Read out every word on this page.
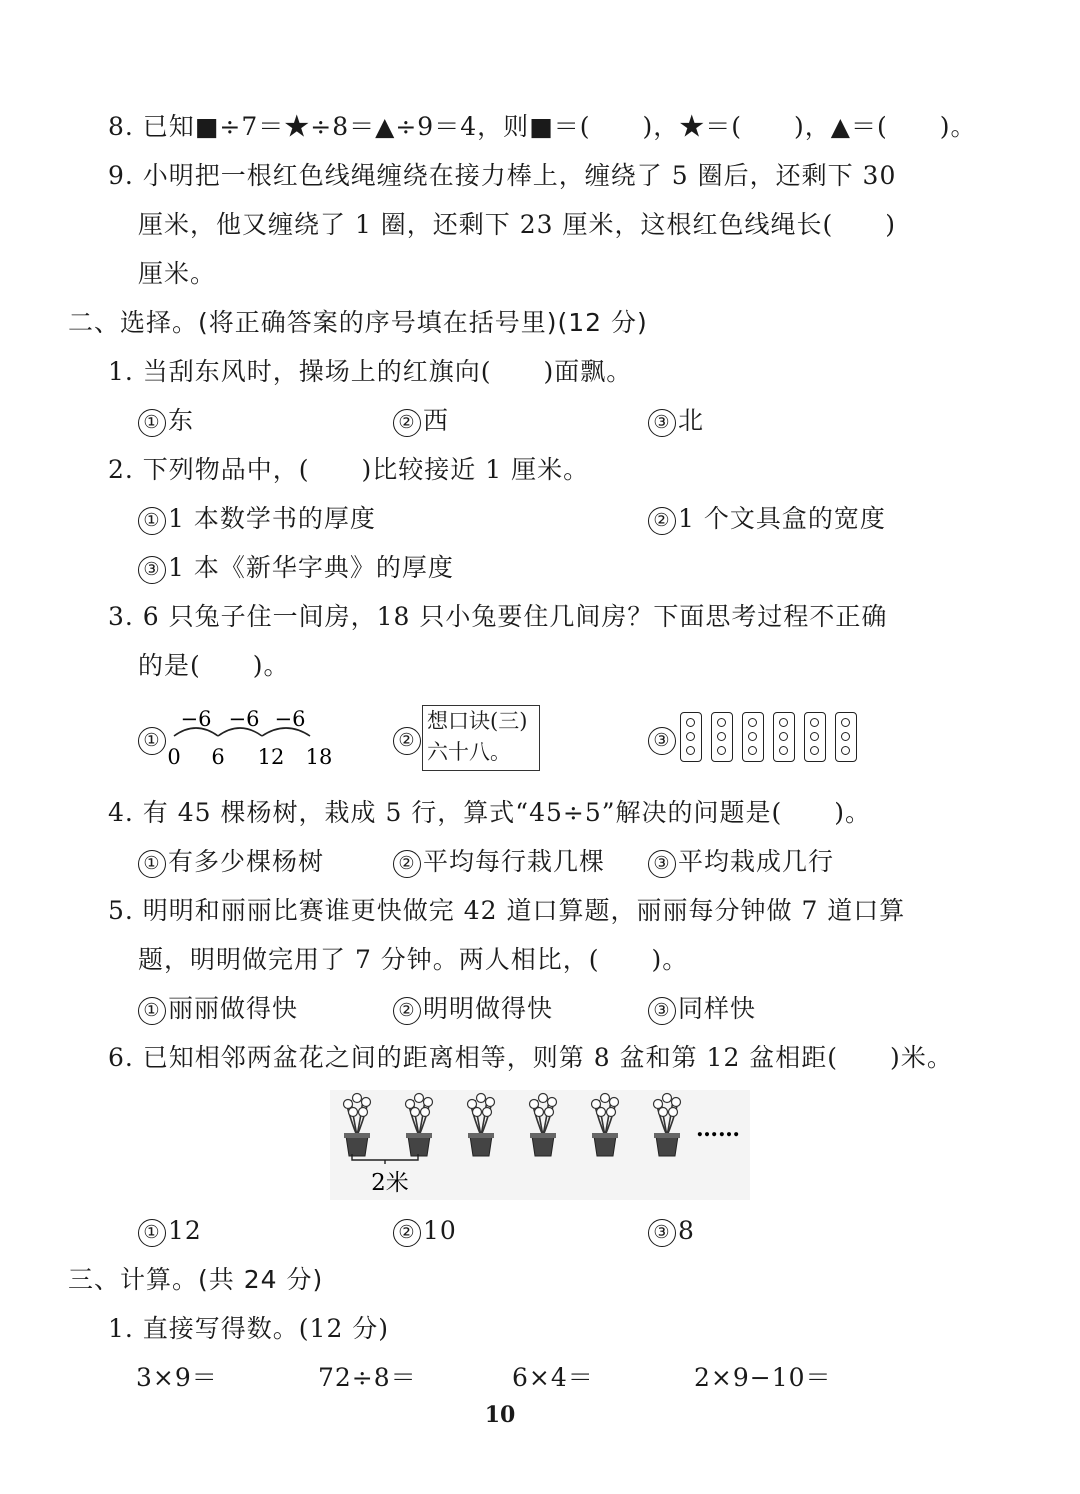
8. 已知■÷7＝★÷8＝▲÷9＝4，则■＝(　　)，★＝(　　)，▲＝(　　)。
9. 小明把一根红色线绳缠绕在接力棒上，缠绕了 5 圈后，还剩下 30
厘米，他又缠绕了 1 圈，还剩下 23 厘米，这根红色线绳长(　　)
厘米。
二、选择。(将正确答案的序号填在括号里)(12 分)
1. 当刮东风时，操场上的红旗向(　　)面飘。
① 东	② 西	③ 北
2. 下列物品中，(　　)比较接近 1 厘米。
① 1 本数学书的厚度	② 1 个文具盒的宽度
③ 1 本《新华字典》的厚度
3. 6 只兔子住一间房，18 只小兔要住几间房？下面思考过程不正确
的是(　　)。
①
−6 −6 −6
0 6 12 18
②
想口诀(三)
六十八。	③
4. 有 45 棵杨树，栽成 5 行，算式“45÷5”解决的问题是(　　)。
① 有多少棵杨树	② 平均每行栽几棵	③ 平均栽成几行
5. 明明和丽丽比赛谁更快做完 42 道口算题，丽丽每分钟做 7 道口算
题，明明做完用了 7 分钟。两人相比，(　　)。
① 丽丽做得快	② 明明做得快	③ 同样快
6. 已知相邻两盆花之间的距离相等，则第 8 盆和第 12 盆相距(　　)米。
2米
……
① 12	② 10	③ 8
三、计算。(共 24 分)
1. 直接写得数。(12 分)
3×9＝	72÷8＝	6×4＝	2×9−10＝
10
